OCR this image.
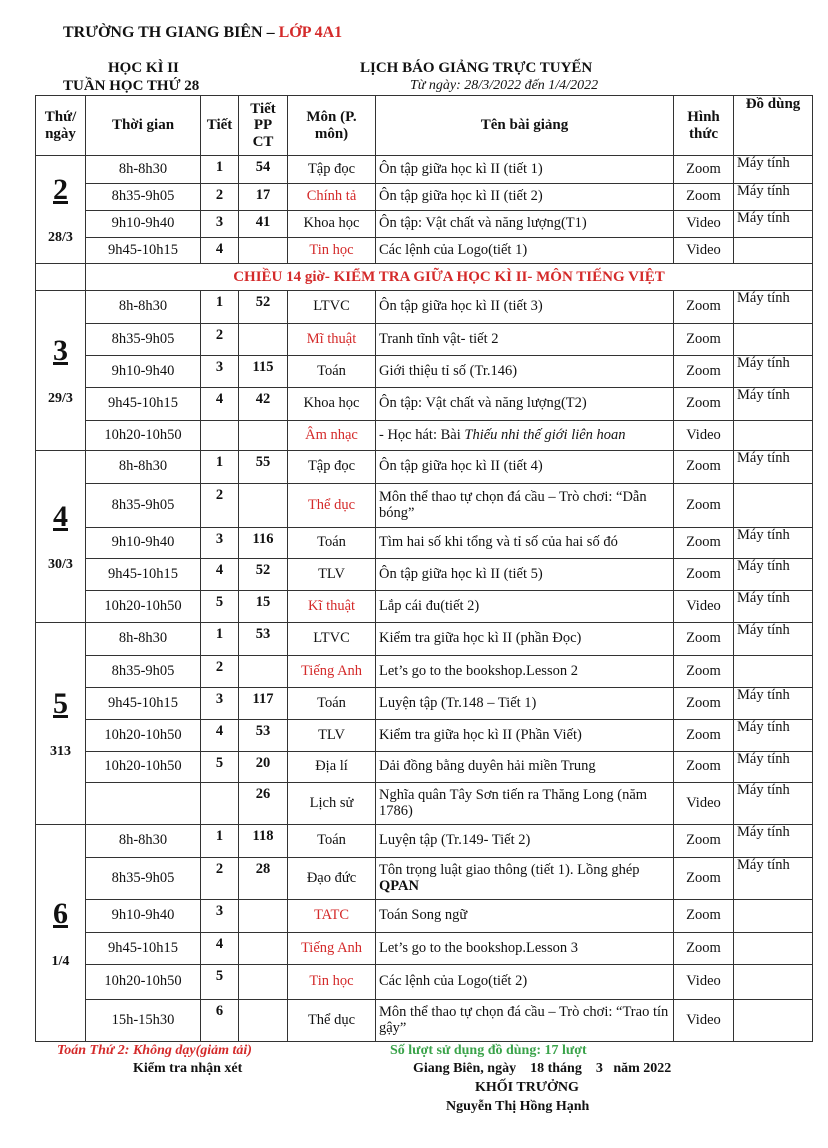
TRƯỜNG TH GIANG BIÊN – LỚP 4A1
HỌC KÌ II
TUẦN HỌC THỨ 28
LỊCH BÁO GIẢNG TRỰC TUYẾN
Từ ngày: 28/3/2022 đến 1/4/2022
Thứ/ ngày	Thời gian	Tiết	Tiết PP CT	Môn (P. môn)	Tên bài giảng	Hình thức	Đồ dùng

2
28/3	8h-8h30	1	54	Tập đọc	Ôn tập giữa học kì II (tiết 1)	Zoom	Máy tính
	8h35-9h05	2	17	Chính tả	Ôn tập giữa học kì II (tiết 2)	Zoom	Máy tính
	9h10-9h40	3	41	Khoa học	Ôn tập: Vật chất và năng lượng(T1)	Video	Máy tính
	9h45-10h15	4		Tin học	Các lệnh của Logo(tiết 1)	Video	
	CHIỀU 14 giờ- KIỂM TRA GIỮA HỌC KÌ II- MÔN TIẾNG VIỆT						

3
29/3	8h-8h30	1	52	LTVC	Ôn tập giữa học kì II (tiết 3)	Zoom	Máy tính
	8h35-9h05	2		Mĩ thuật	Tranh tĩnh vật- tiết 2	Zoom	
	9h10-9h40	3	115	Toán	Giới thiệu tỉ số (Tr.146)	Zoom	Máy tính
	9h45-10h15	4	42	Khoa học	Ôn tập: Vật chất và năng lượng(T2)	Zoom	Máy tính
	10h20-10h50			Âm nhạc	- Học hát: Bài Thiếu nhi thế giới liên hoan	Video	

4
30/3	8h-8h30	1	55	Tập đọc	Ôn tập giữa học kì II (tiết 4)	Zoom	Máy tính
	8h35-9h05	2		Thể dục	Môn thể thao tự chọn đá cầu – Trò chơi: “Dẫn bóng”	Zoom	
	9h10-9h40	3	116	Toán	Tìm hai số khi tổng và tỉ số của hai số đó	Zoom	Máy tính
	9h45-10h15	4	52	TLV	Ôn tập giữa học kì II (tiết 5)	Zoom	Máy tính
	10h20-10h50	5	15	Kĩ thuật	Lắp cái đu(tiết 2)	Video	Máy tính

5
313	8h-8h30	1	53	LTVC	Kiểm tra giữa học kì II (phần Đọc)	Zoom	Máy tính
	8h35-9h05	2		Tiếng Anh	Let’s go to the bookshop.Lesson 2	Zoom	
	9h45-10h15	3	117	Toán	Luyện tập (Tr.148 – Tiết 1)	Zoom	Máy tính
	10h20-10h50	4	53	TLV	Kiểm tra giữa học kì II (Phần Viết)	Zoom	Máy tính
	10h20-10h50	5	20	Địa lí	Dải đồng bằng duyên hải miền Trung	Zoom	Máy tính
			26	Lịch sử	Nghĩa quân Tây Sơn tiến ra Thăng Long (năm 1786)	Video	Máy tính

6
1/4	8h-8h30	1	118	Toán	Luyện tập (Tr.149- Tiết 2)	Zoom	Máy tính
	8h35-9h05	2	28	Đạo đức	Tôn trọng luật giao thông (tiết 1). Lồng ghép QPAN	Zoom	Máy tính
	9h10-9h40	3		TATC	Toán Song ngữ	Zoom	
	9h45-10h15	4		Tiếng Anh	Let’s go to the bookshop.Lesson 3	Zoom	
	10h20-10h50	5		Tin học	Các lệnh của Logo(tiết 2)	Video	
	15h-15h30	6		Thể dục	Môn thể thao tự chọn đá cầu – Trò chơi: “Trao tín gậy”	Video	
Toán Thứ 2: Không dạy(giảm tải)	Số lượt sử dụng đồ dùng: 17 lượt
Kiểm tra nhận xét	Giang Biên, ngày    18 tháng    3   năm 2022
KHỐI TRƯỞNG
Nguyễn Thị Hồng Hạnh
